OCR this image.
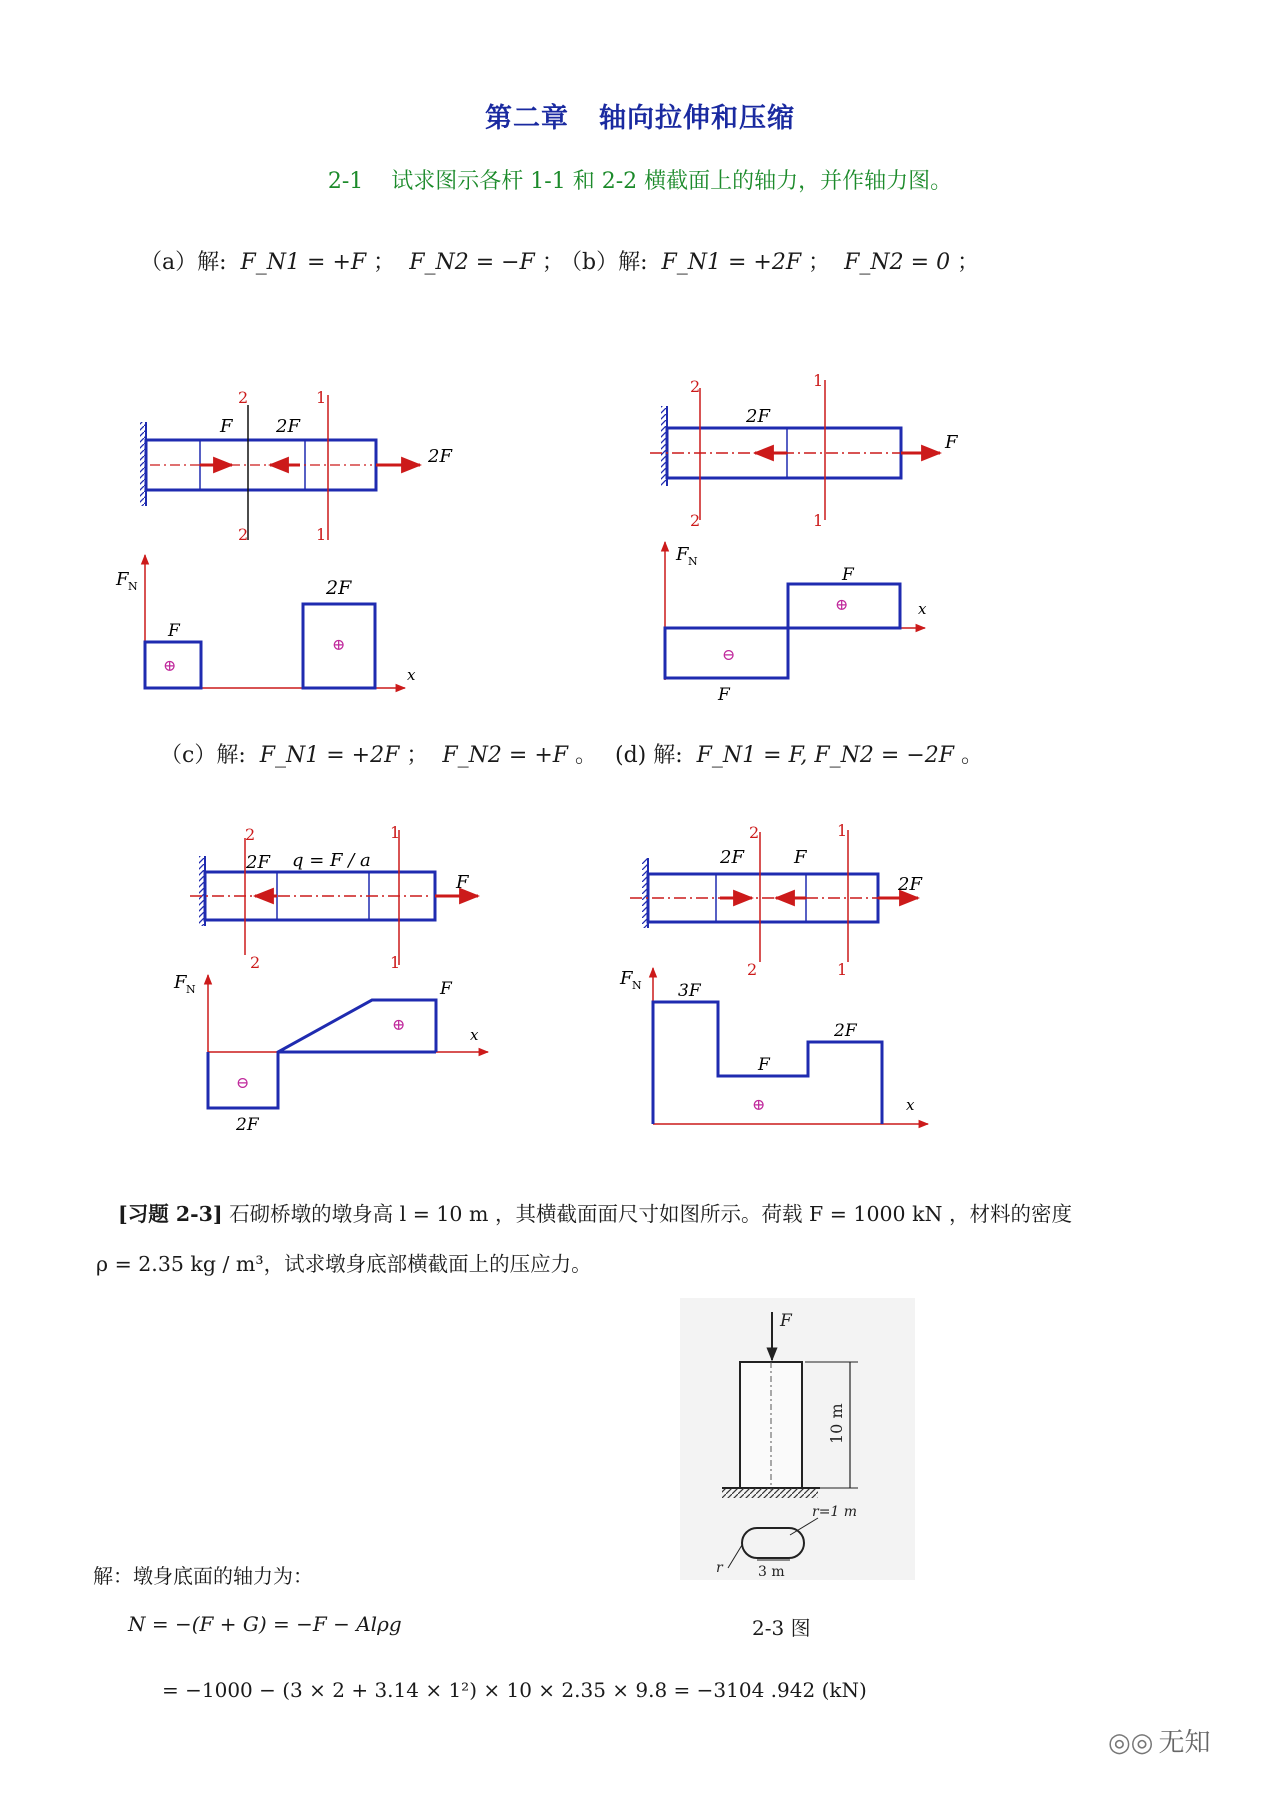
第二章 轴向拉伸和压缩
2-1 试求图示各杆 1-1 和 2-2 横截面上的轴力，并作轴力图。
（a）解: F_N1 = +F ； F_N2 = −F ；
（b）解: F_N1 = +2F ； F_N2 = 0 ；
（c）解: F_N1 = +2F ； F_N2 = +F 。 (d) 解: F_N1 = F, F_N2 = −2F 。
2
2
1
1
F 2F
2F
F N
x
F
2F
⊕
⊕
2
2
1
1
2F
F
F N
x
F
F
⊕
⊖
2
2
1
1
2F q = F / a
F
F N
x
F
2F
⊕
⊖
2
2
1
1
2F	F
2F
F N
x
3F
F
2F
⊕
F
10 m
r=1 m
r	3 m
[习题 2-3] 石砌桥墩的墩身高 l = 10 m ，其横截面面尺寸如图所示。荷载 F = 1000 kN ，材料的密度
ρ = 2.35 kg / m³，试求墩身底部横截面上的压应力。
2-3 图
解：墩身底面的轴力为：
N = −(F + G) = −F − Alρg
= −1000 − (3 × 2 + 3.14 × 1²) × 10 × 2.35 × 9.8 = −3104 .942 (kN)
◎◎ 无知
